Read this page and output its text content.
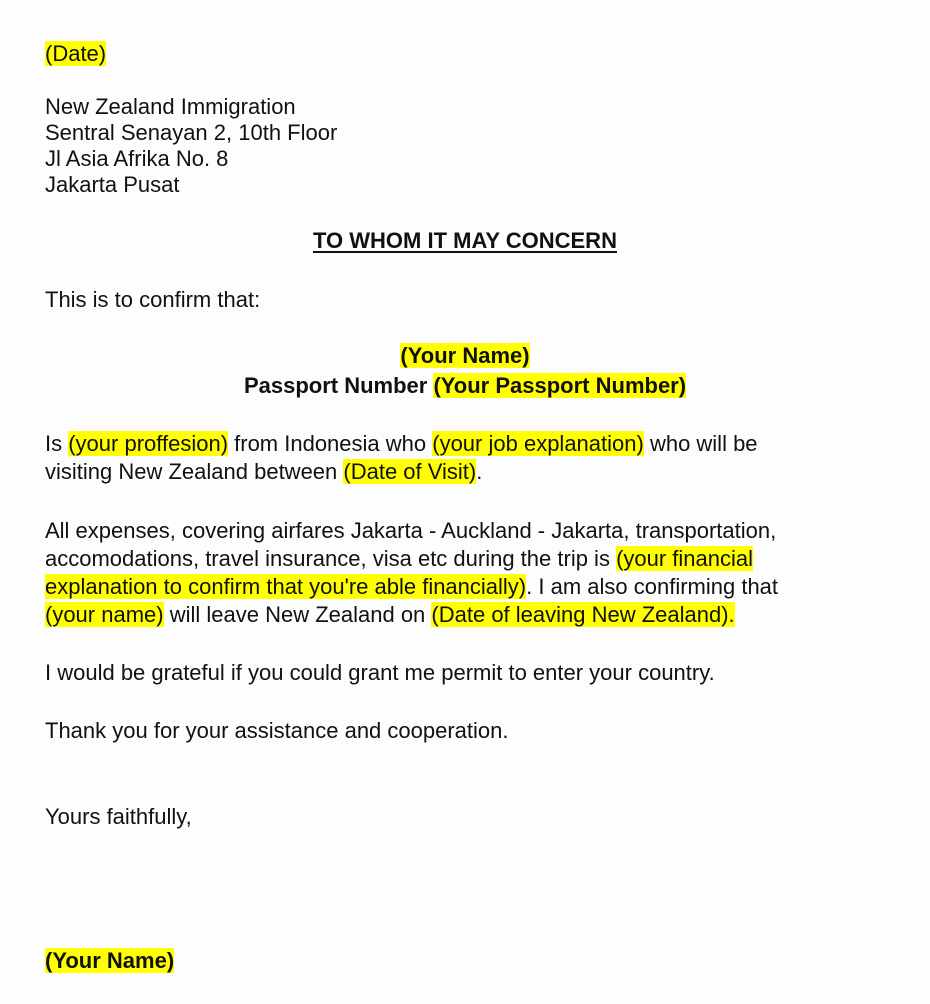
(Date)
New Zealand Immigration
Sentral Senayan 2, 10th Floor
Jl Asia Afrika No. 8
Jakarta Pusat
TO WHOM IT MAY CONCERN
This is to confirm that:
(Your Name)
Passport Number (Your Passport Number)
Is (your proffesion) from Indonesia who (your job explanation) who will be
visiting New Zealand between (Date of Visit).
All expenses, covering airfares Jakarta - Auckland - Jakarta, transportation,
accomodations, travel insurance, visa etc during the trip is (your financial
explanation to confirm that you're able financially). I am also confirming that
(your name) will leave New Zealand on (Date of leaving New Zealand).
I would be grateful if you could grant me permit to enter your country.
Thank you for your assistance and cooperation.
Yours faithfully,
(Your Name)
